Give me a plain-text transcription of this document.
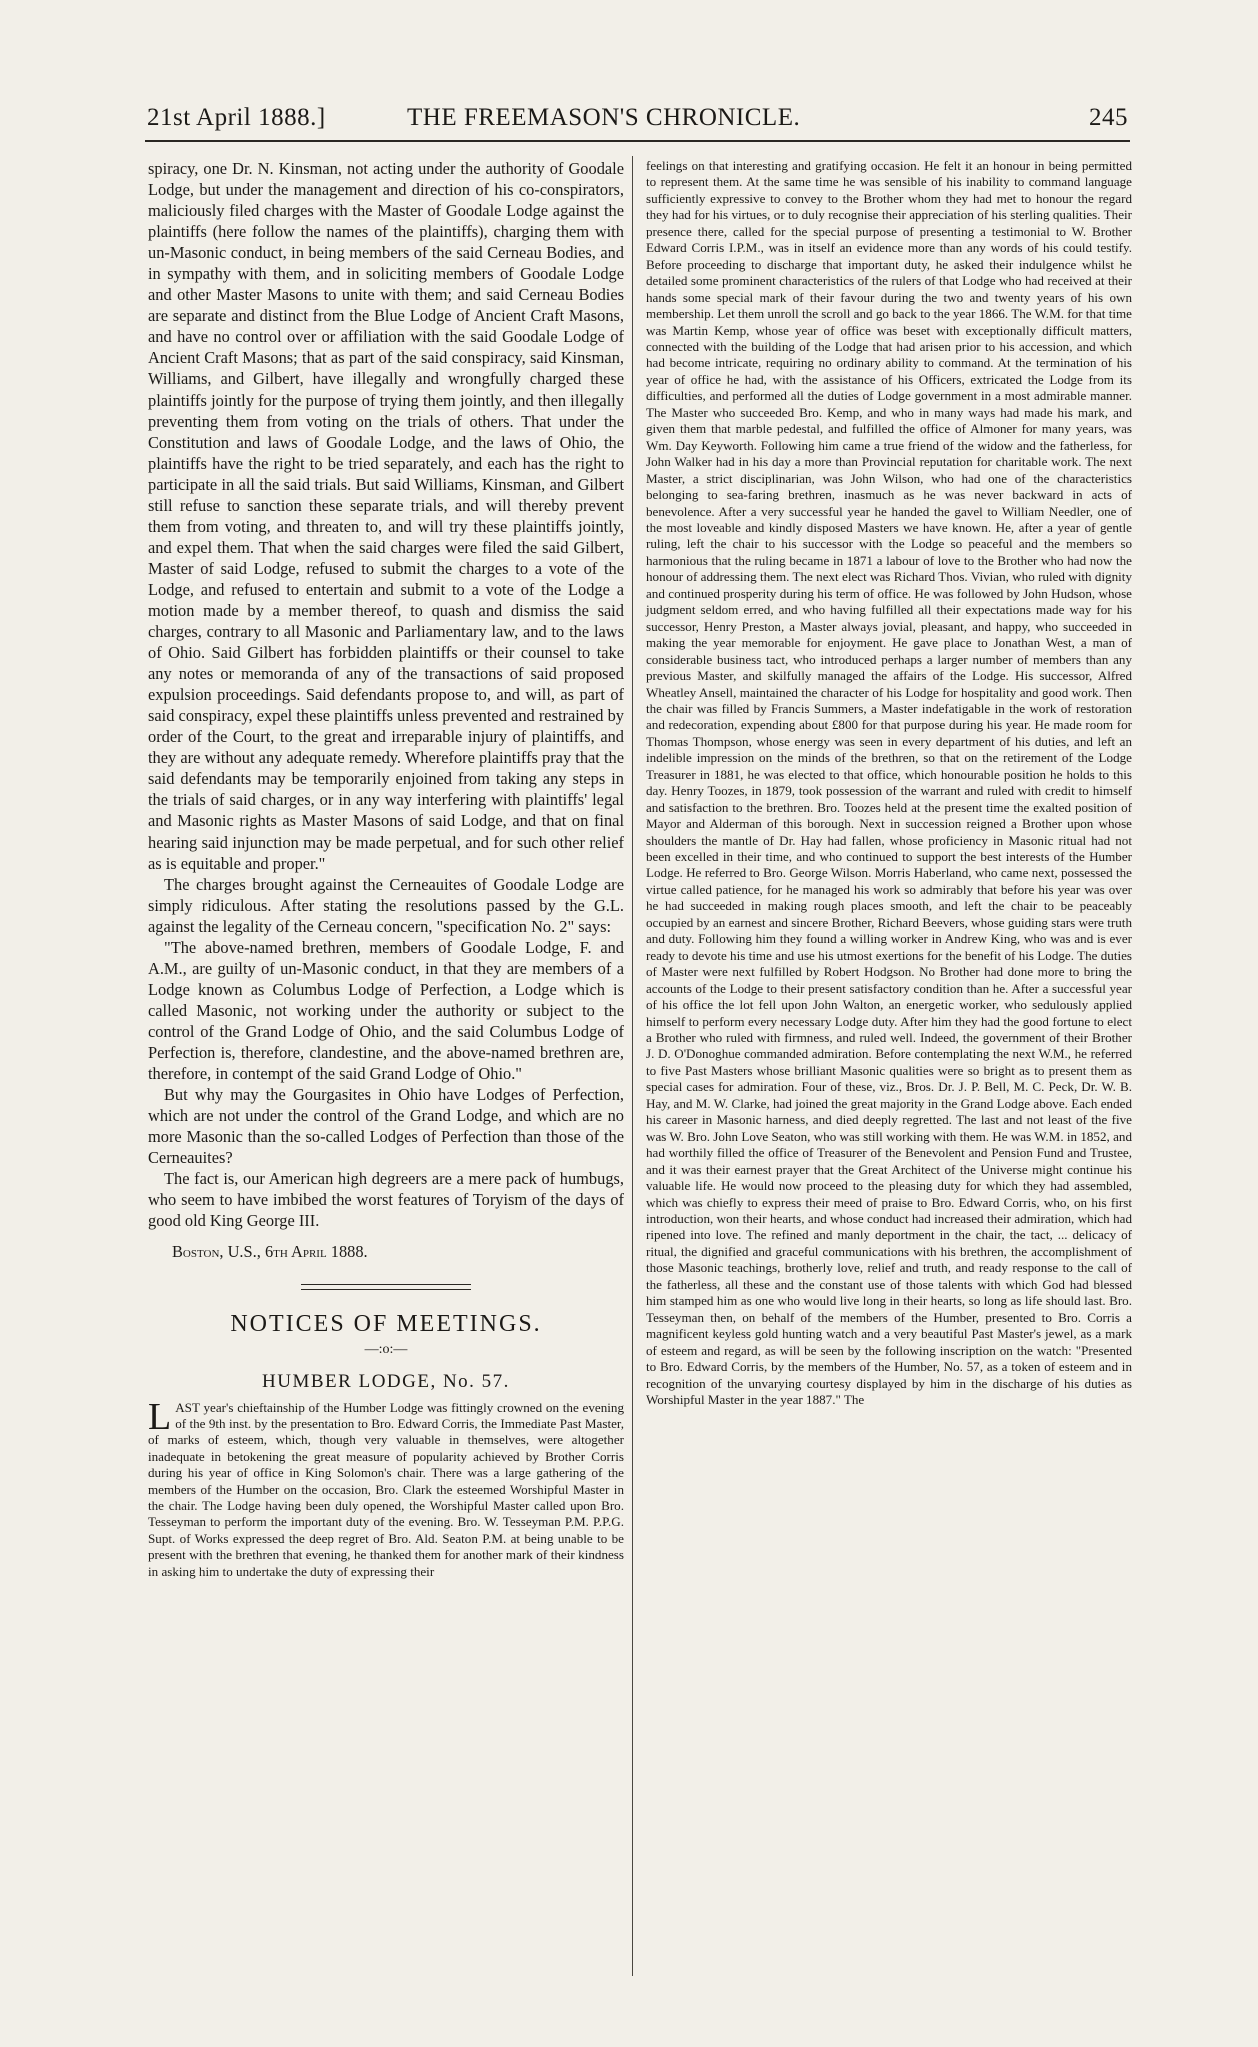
21st April 1888.]	THE FREEMASON'S CHRONICLE.	245

spiracy, one Dr. N. Kinsman, not acting under the authority of Goodale Lodge, but under the management and direction of his co-conspirators, maliciously filed charges with the Master of Goodale Lodge against the plaintiffs (here follow the names of the plaintiffs), charging them with un-Masonic conduct, in being members of the said Cerneau Bodies, and in sympathy with them, and in soliciting members of Goodale Lodge and other Master Masons to unite with them; and said Cerneau Bodies are separate and distinct from the Blue Lodge of Ancient Craft Masons, and have no control over or affiliation with the said Goodale Lodge of Ancient Craft Masons; that as part of the said conspiracy, said Kinsman, Williams, and Gilbert, have illegally and wrongfully charged these plaintiffs jointly for the purpose of trying them jointly, and then illegally preventing them from voting on the trials of others. That under the Constitution and laws of Goodale Lodge, and the laws of Ohio, the plaintiffs have the right to be tried separately, and each has the right to participate in all the said trials. But said Williams, Kinsman, and Gilbert still refuse to sanction these separate trials, and will thereby prevent them from voting, and threaten to, and will try these plaintiffs jointly, and expel them. That when the said charges were filed the said Gilbert, Master of said Lodge, refused to submit the charges to a vote of the Lodge, and refused to entertain and submit to a vote of the Lodge a motion made by a member thereof, to quash and dismiss the said charges, contrary to all Masonic and Parliamentary law, and to the laws of Ohio. Said Gilbert has forbidden plaintiffs or their counsel to take any notes or memoranda of any of the transactions of said proposed expulsion proceedings. Said defendants propose to, and will, as part of said conspiracy, expel these plaintiffs unless prevented and restrained by order of the Court, to the great and irreparable injury of plaintiffs, and they are without any adequate remedy. Wherefore plaintiffs pray that the said defendants may be temporarily enjoined from taking any steps in the trials of said charges, or in any way interfering with plaintiffs' legal and Masonic rights as Master Masons of said Lodge, and that on final hearing said injunction may be made perpetual, and for such other relief as is equitable and proper."

The charges brought against the Cerneauites of Goodale Lodge are simply ridiculous. After stating the resolutions passed by the G.L. against the legality of the Cerneau concern, "specification No. 2" says:

"The above-named brethren, members of Goodale Lodge, F. and A.M., are guilty of un-Masonic conduct, in that they are members of a Lodge known as Columbus Lodge of Perfection, a Lodge which is called Masonic, not working under the authority or subject to the control of the Grand Lodge of Ohio, and the said Columbus Lodge of Perfection is, therefore, clandestine, and the above-named brethren are, therefore, in contempt of the said Grand Lodge of Ohio."

But why may the Gourgasites in Ohio have Lodges of Perfection, which are not under the control of the Grand Lodge, and which are no more Masonic than the so-called Lodges of Perfection than those of the Cerneauites?

The fact is, our American high degreers are a mere pack of humbugs, who seem to have imbibed the worst features of Toryism of the days of good old King George III.

Boston, U.S., 6th April 1888.

NOTICES OF MEETINGS.
—:o:—
HUMBER LODGE, No. 57.
LAST year's chieftainship of the Humber Lodge was fittingly crowned on the evening of the 9th inst. by the presentation to Bro. Edward Corris, the Immediate Past Master, of marks of esteem, which, though very valuable in themselves, were altogether inadequate in betokening the great measure of popularity achieved by Brother Corris during his year of office in King Solomon's chair. There was a large gathering of the members of the Humber on the occasion, Bro. Clark the esteemed Worshipful Master in the chair. The Lodge having been duly opened, the Worshipful Master called upon Bro. Tesseyman to perform the important duty of the evening. Bro. W. Tesseyman P.M. P.P.G. Supt. of Works expressed the deep regret of Bro. Ald. Seaton P.M. at being unable to be present with the brethren that evening, he thanked them for another mark of their kindness in asking him to undertake the duty of expressing their

feelings on that interesting and gratifying occasion. He felt it an honour in being permitted to represent them. At the same time he was sensible of his inability to command language sufficiently expressive to convey to the Brother whom they had met to honour the regard they had for his virtues, or to duly recognise their appreciation of his sterling qualities. Their presence there, called for the special purpose of presenting a testimonial to W. Brother Edward Corris I.P.M., was in itself an evidence more than any words of his could testify. Before proceeding to discharge that important duty, he asked their indulgence whilst he detailed some prominent characteristics of the rulers of that Lodge who had received at their hands some special mark of their favour during the two and twenty years of his own membership. Let them unroll the scroll and go back to the year 1866. The W.M. for that time was Martin Kemp, whose year of office was beset with exceptionally difficult matters, connected with the building of the Lodge that had arisen prior to his accession, and which had become intricate, requiring no ordinary ability to command. At the termination of his year of office he had, with the assistance of his Officers, extricated the Lodge from its difficulties, and performed all the duties of Lodge government in a most admirable manner. The Master who succeeded Bro. Kemp, and who in many ways had made his mark, and given them that marble pedestal, and fulfilled the office of Almoner for many years, was Wm. Day Keyworth. Following him came a true friend of the widow and the fatherless, for John Walker had in his day a more than Provincial reputation for charitable work. The next Master, a strict disciplinarian, was John Wilson, who had one of the characteristics belonging to sea-faring brethren, inasmuch as he was never backward in acts of benevolence. After a very successful year he handed the gavel to William Needler, one of the most loveable and kindly disposed Masters we have known. He, after a year of gentle ruling, left the chair to his successor with the Lodge so peaceful and the members so harmonious that the ruling became in 1871 a labour of love to the Brother who had now the honour of addressing them. The next elect was Richard Thos. Vivian, who ruled with dignity and continued prosperity during his term of office. He was followed by John Hudson, whose judgment seldom erred, and who having fulfilled all their expectations made way for his successor, Henry Preston, a Master always jovial, pleasant, and happy, who succeeded in making the year memorable for enjoyment. He gave place to Jonathan West, a man of considerable business tact, who introduced perhaps a larger number of members than any previous Master, and skilfully managed the affairs of the Lodge. His successor, Alfred Wheatley Ansell, maintained the character of his Lodge for hospitality and good work. Then the chair was filled by Francis Summers, a Master indefatigable in the work of restoration and redecoration, expending about £800 for that purpose during his year. He made room for Thomas Thompson, whose energy was seen in every department of his duties, and left an indelible impression on the minds of the brethren, so that on the retirement of the Lodge Treasurer in 1881, he was elected to that office, which honourable position he holds to this day. Henry Toozes, in 1879, took possession of the warrant and ruled with credit to himself and satisfaction to the brethren. Bro. Toozes held at the present time the exalted position of Mayor and Alderman of this borough. Next in succession reigned a Brother upon whose shoulders the mantle of Dr. Hay had fallen, whose proficiency in Masonic ritual had not been excelled in their time, and who continued to support the best interests of the Humber Lodge. He referred to Bro. George Wilson. Morris Haberland, who came next, possessed the virtue called patience, for he managed his work so admirably that before his year was over he had succeeded in making rough places smooth, and left the chair to be peaceably occupied by an earnest and sincere Brother, Richard Beevers, whose guiding stars were truth and duty. Following him they found a willing worker in Andrew King, who was and is ever ready to devote his time and use his utmost exertions for the benefit of his Lodge. The duties of Master were next fulfilled by Robert Hodgson. No Brother had done more to bring the accounts of the Lodge to their present satisfactory condition than he. After a successful year of his office the lot fell upon John Walton, an energetic worker, who sedulously applied himself to perform every necessary Lodge duty. After him they had the good fortune to elect a Brother who ruled with firmness, and ruled well. Indeed, the government of their Brother J. D. O'Donoghue commanded admiration. Before contemplating the next W.M., he referred to five Past Masters whose brilliant Masonic qualities were so bright as to present them as special cases for admiration. Four of these, viz., Bros. Dr. J. P. Bell, M. C. Peck, Dr. W. B. Hay, and M. W. Clarke, had joined the great majority in the Grand Lodge above. Each ended his career in Masonic harness, and died deeply regretted. The last and not least of the five was W. Bro. John Love Seaton, who was still working with them. He was W.M. in 1852, and had worthily filled the office of Treasurer of the Benevolent and Pension Fund and Trustee, and it was their earnest prayer that the Great Architect of the Universe might continue his valuable life. He would now proceed to the pleasing duty for which they had assembled, which was chiefly to express their meed of praise to Bro. Edward Corris, who, on his first introduction, won their hearts, and whose conduct had increased their admiration, which had ripened into love. The refined and manly deportment in the chair, the tact, ... delicacy of ritual, the dignified and graceful communications with his brethren, the accomplishment of those Masonic teachings, brotherly love, relief and truth, and ready response to the call of the fatherless, all these and the constant use of those talents with which God had blessed him stamped him as one who would live long in their hearts, so long as life should last. Bro. Tesseyman then, on behalf of the members of the Humber, presented to Bro. Corris a magnificent keyless gold hunting watch and a very beautiful Past Master's jewel, as a mark of esteem and regard, as will be seen by the following inscription on the watch: "Presented to Bro. Edward Corris, by the members of the Humber, No. 57, as a token of esteem and in recognition of the unvarying courtesy displayed by him in the discharge of his duties as Worshipful Master in the year 1887." The
